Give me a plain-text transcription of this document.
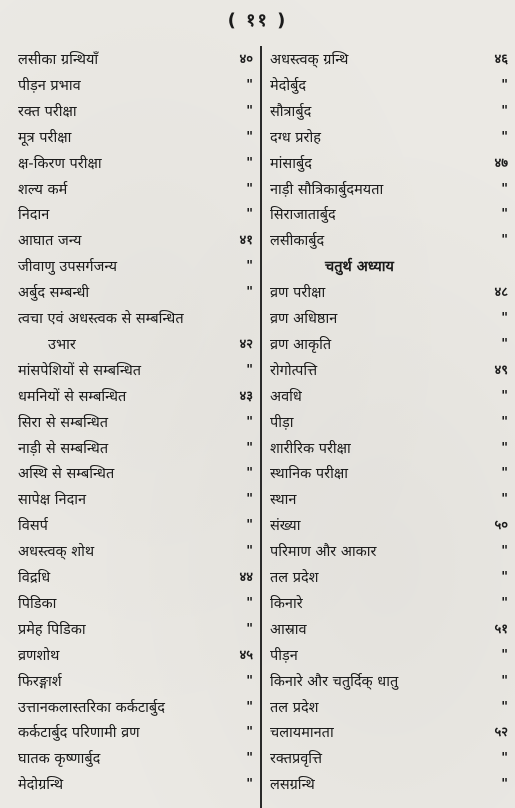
( ११ )
लसीका ग्रन्थियाँ	४०
पीड़न प्रभाव	"
रक्त परीक्षा	"
मूत्र परीक्षा	"
क्ष-किरण परीक्षा	"
शल्य कर्म	"
निदान	"
आघात जन्य	४१
जीवाणु उपसर्गजन्य	"
अर्बुद सम्बन्धी	"
त्वचा एवं अधस्त्वक से सम्बन्धित
उभार	४२
मांसपेशियों से सम्बन्धित	"
धमनियों से सम्बन्धित	४३
सिरा से सम्बन्धित	"
नाड़ी से सम्बन्धित	"
अस्थि से सम्बन्धित	"
सापेक्ष निदान	"
विसर्प	"
अधस्त्वक् शोथ	"
विद्रधि	४४
पिडिका	"
प्रमेह पिडिका	"
व्रणशोथ	४५
फिरङ्गार्श	"
उत्तानकलास्तरिका कर्कटार्बुद	"
कर्कटार्बुद परिणामी व्रण	"
घातक कृष्णार्बुद	"
मेदोग्रन्थि	"
अधस्त्वक् ग्रन्थि	४६
मेदोर्बुद	"
सौत्रार्बुद	"
दग्ध प्ररोह	"
मांसार्बुद	४७
नाड़ी सौत्रिकार्बुदमयता	"
सिराजातार्बुद	"
लसीकार्बुद	"
चतुर्थ अध्याय
व्रण परीक्षा	४८
व्रण अधिष्ठान	"
व्रण आकृति	"
रोगोत्पत्ति	४९
अवधि	"
पीड़ा	"
शारीरिक परीक्षा	"
स्थानिक परीक्षा	"
स्थान	"
संख्या	५०
परिमाण और आकार	"
तल प्रदेश	"
किनारे	"
आस्राव	५१
पीड़न	"
किनारे और चतुर्दिक् धातु	"
तल प्रदेश	"
चलायमानता	५२
रक्तप्रवृत्ति	"
लसग्रन्थि	"
